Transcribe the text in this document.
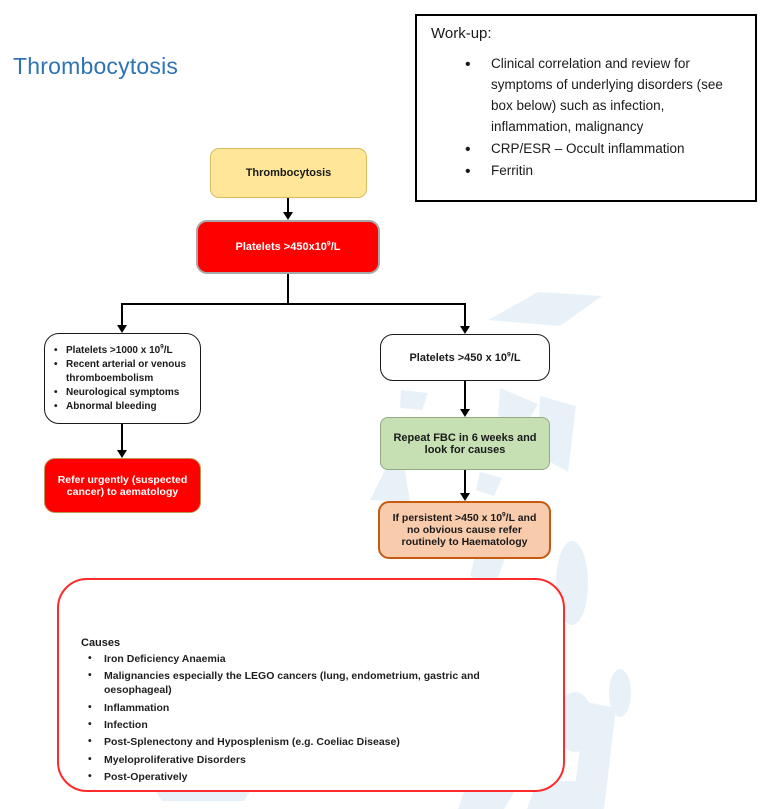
Thrombocytosis
Work-up:
• Clinical correlation and review for symptoms of underlying disorders (see box below) such as infection, inflammation, malignancy
• CRP/ESR – Occult inflammation
• Ferritin
Thrombocytosis
Platelets $>450x10^9/L$
• Platelets >1000 x $10^9/L$
• Recent arterial or venous thromboembolism
• Neurological symptoms
• Abnormal bleeding
Platelets >450 x $10^9/L$
Refer urgently (suspected cancer) to aematology
Repeat FBC in 6 weeks and look for causes
If persistent >450 x $10^9/L$ and no obvious cause refer routinely to Haematology
Causes
• Iron Deficiency Anaemia
• Malignancies especially the LEGO cancers (lung, endometrium, gastric and oesophageal)
• Inflammation
• Infection
• Post-Splenectony and Hyposplenism (e.g. Coeliac Disease)
• Myeloproliferative Disorders
• Post-Operatively
